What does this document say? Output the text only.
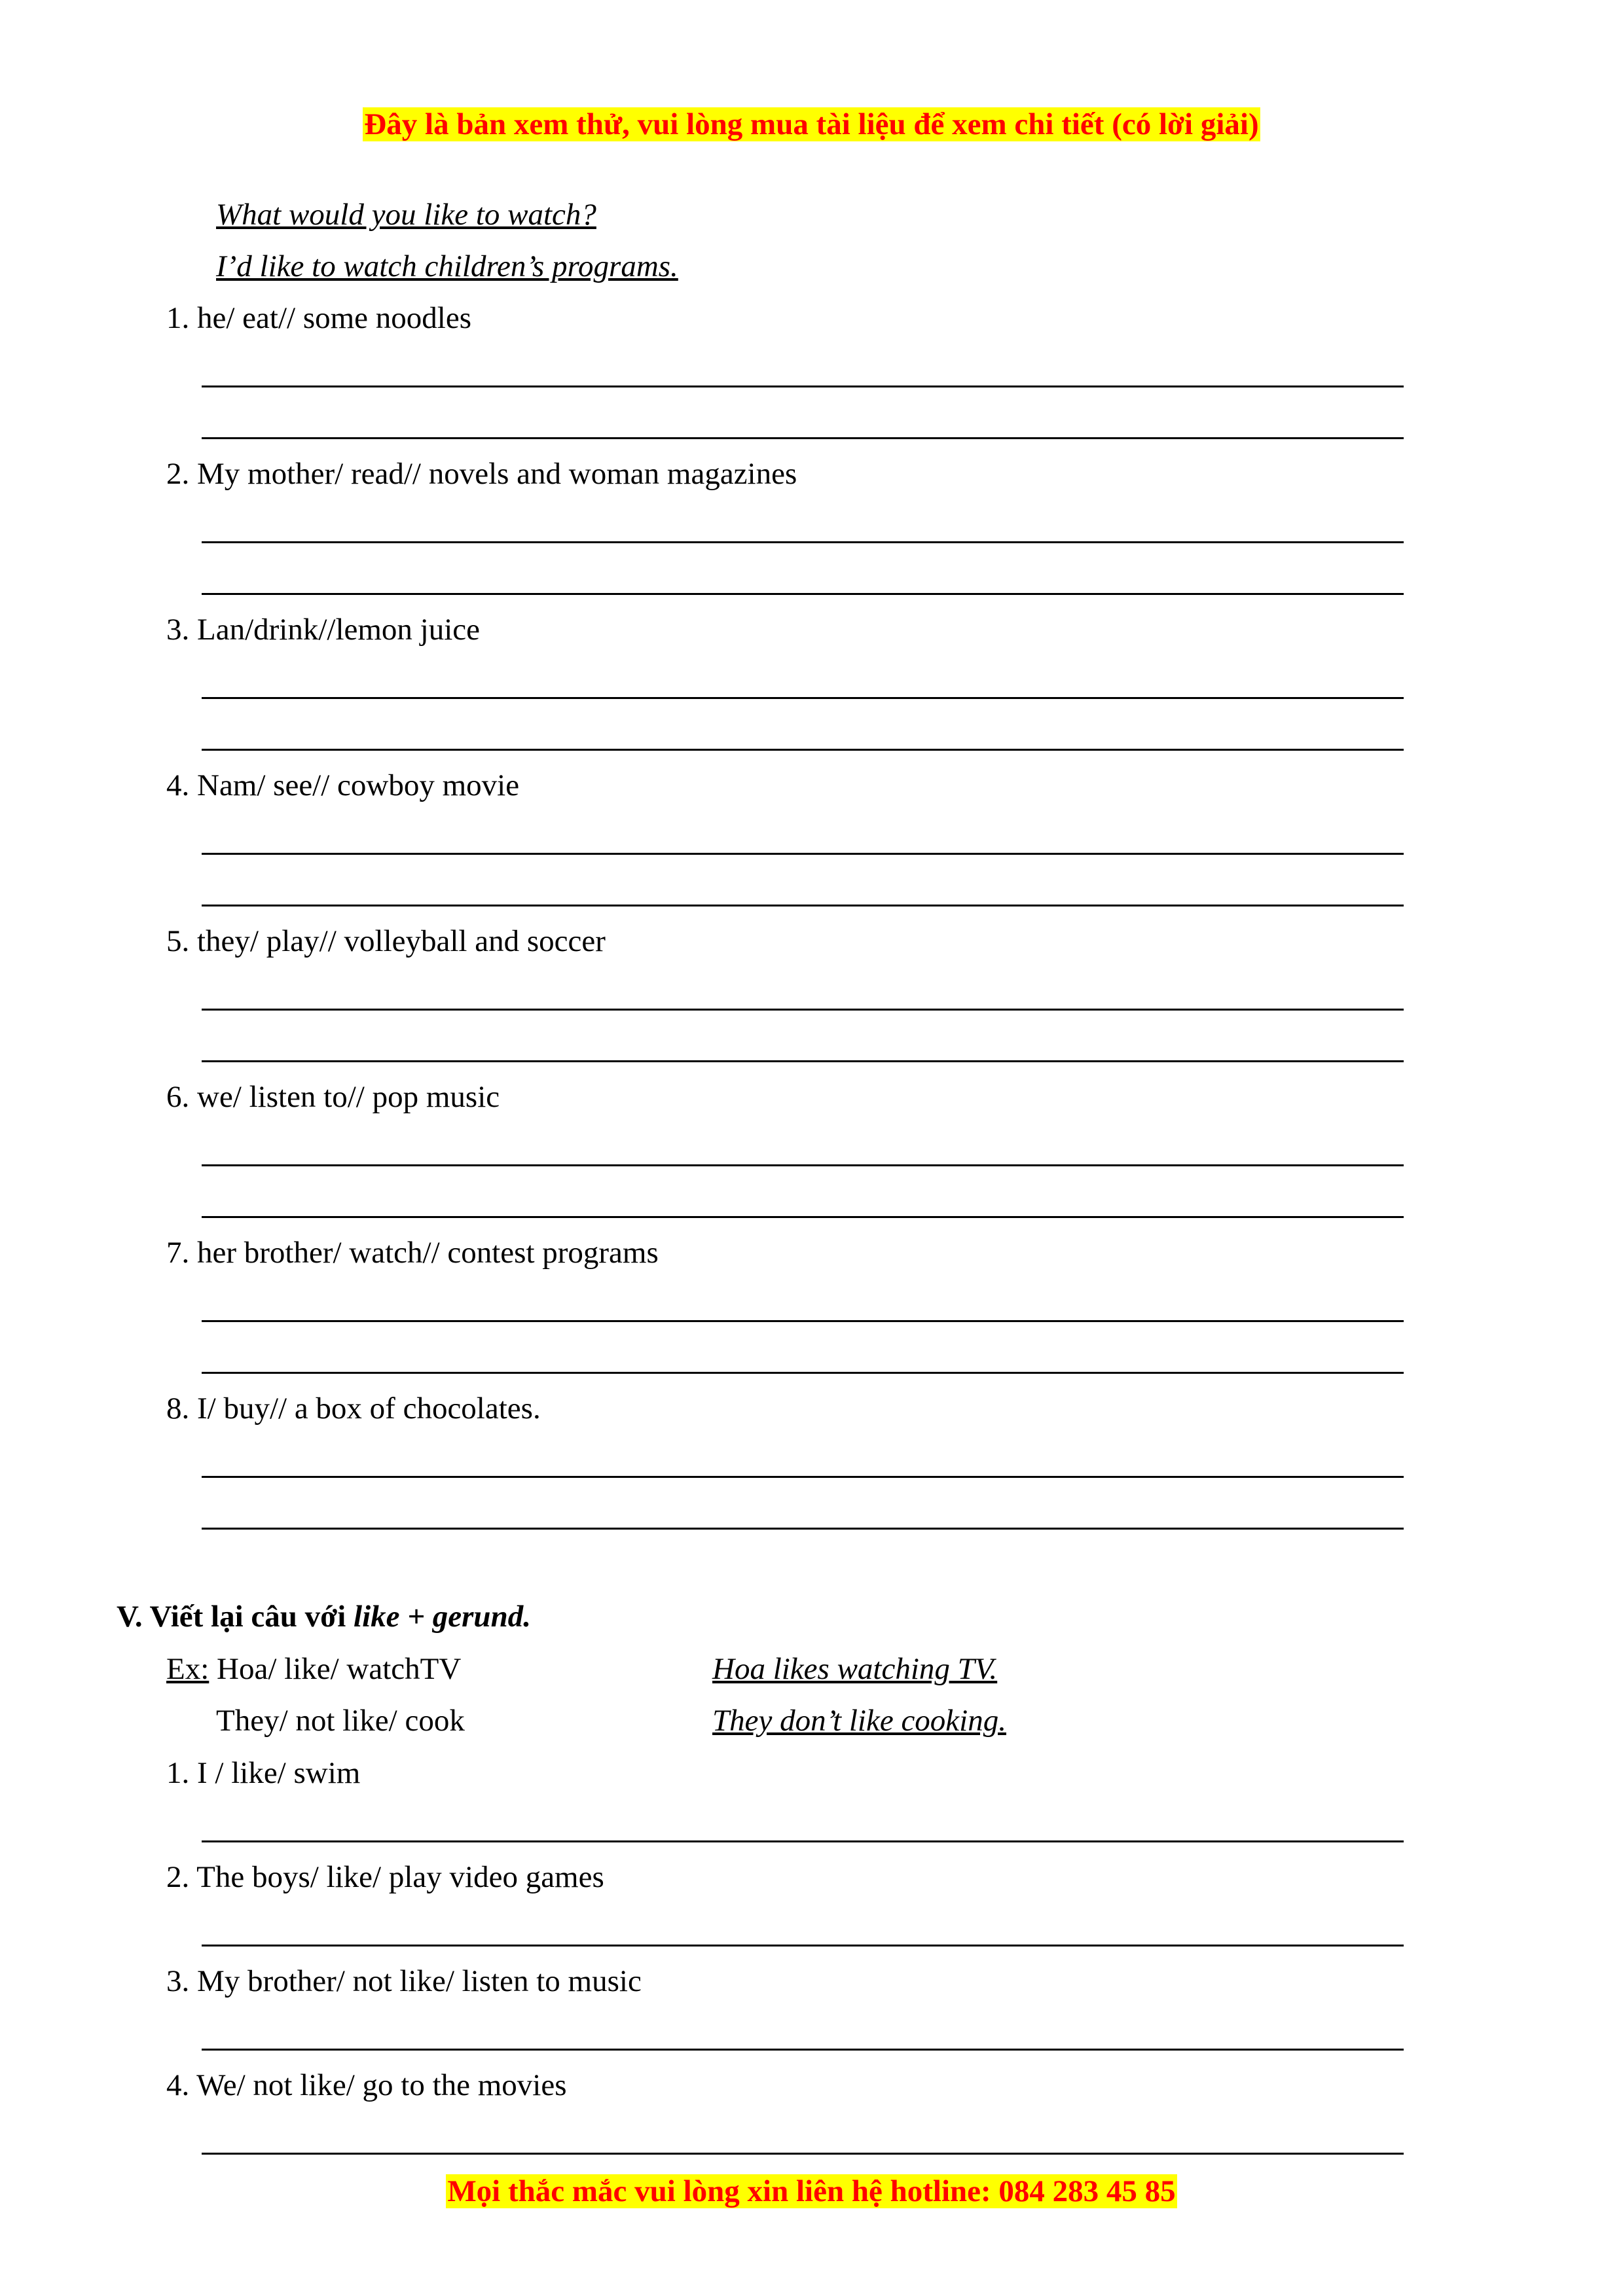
Đây là bản xem thử, vui lòng mua tài liệu để xem chi tiết (có lời giải)
What would you like to watch?
I’d like to watch children’s programs.
1. he/ eat// some noodles
2. My mother/ read// novels and woman magazines
3. Lan/drink//lemon juice
4. Nam/ see// cowboy movie
5. they/ play// volleyball and soccer
6. we/ listen to// pop music
7. her brother/ watch// contest programs
8. I/ buy// a box of chocolates.
V. Viết lại câu với like + gerund.
Ex: Hoa/ like/ watchTV	Hoa likes watching TV.
They/ not like/ cook	They don’t like cooking.
1. I / like/ swim
2. The boys/ like/ play video games
3. My brother/ not like/ listen to music
4. We/ not like/ go to the movies
Mọi thắc mắc vui lòng xin liên hệ hotline: 084 283 45 85
